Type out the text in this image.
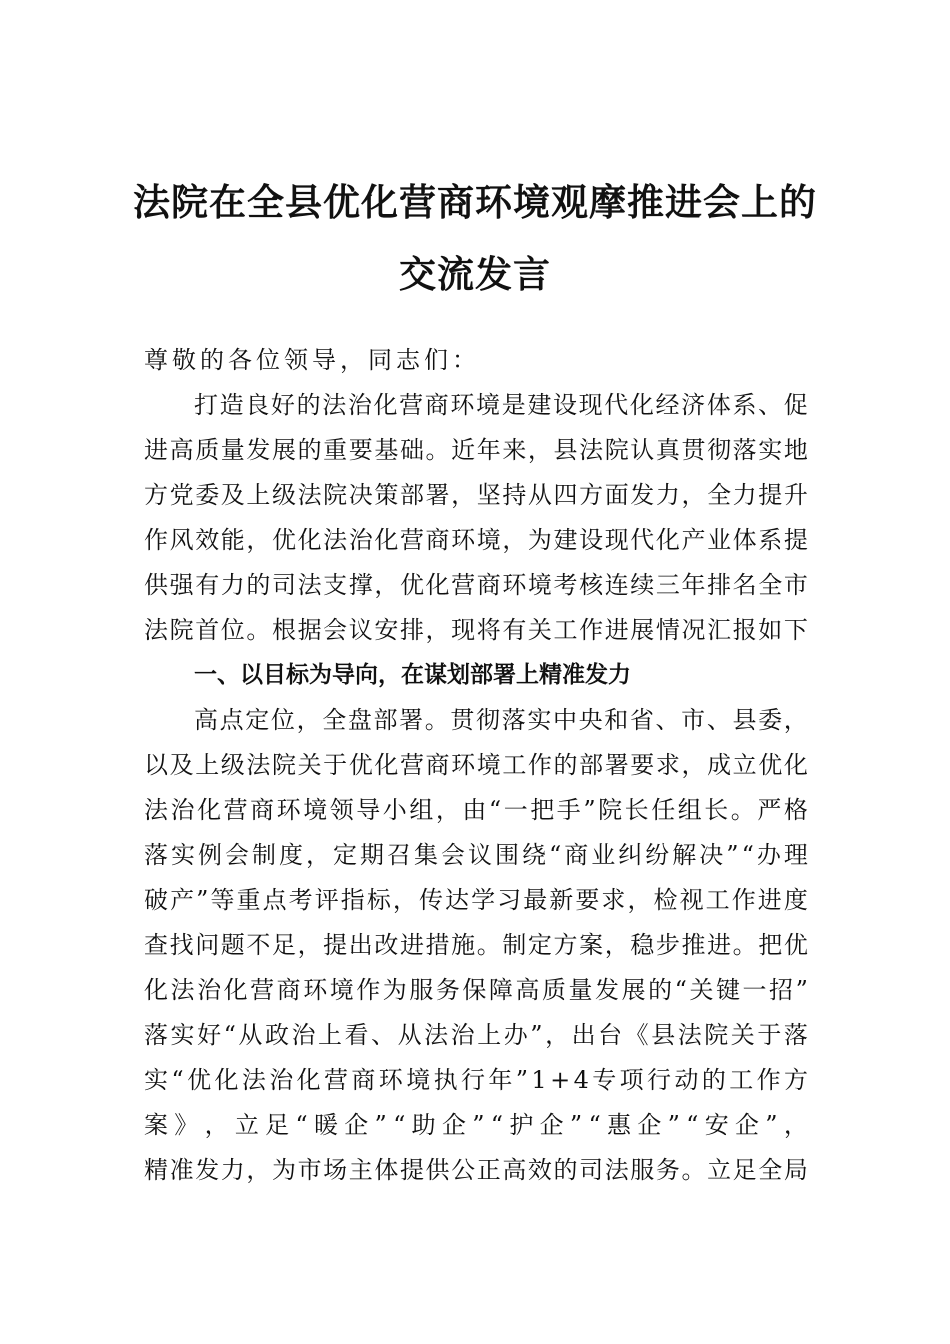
法院在全县优化营商环境观摩推进会上的
交流发言
尊敬的各位领导，同志们：
打 造 良 好 的 法 治 化 营 商 环 境 是 建 设 现 代 化 经 济 体 系 、 促
进 高 质 量 发 展 的 重 要 基 础 。 近 年 来 ， 县 法 院 认 真 贯 彻 落 实 地
方 党 委 及 上 级 法 院 决 策 部 署 ， 坚 持 从 四 方 面 发 力 ， 全 力 提 升
作 风 效 能 ， 优 化 法 治 化 营 商 环 境 ， 为 建 设 现 代 化 产 业 体 系 提
供 强 有 力 的 司 法 支 撑 ， 优 化 营 商 环 境 考 核 连 续 三 年 排 名 全 市
法 院 首 位 。 根 据 会 议 安 排 ， 现 将 有 关 工 作 进 展 情 况 汇 报 如 下
一、以目标为导向，在谋划部署上精准发力
高 点 定 位 ， 全 盘 部 署 。 贯 彻 落 实 中 央 和 省 、 市 、 县 委 ，
以 及 上 级 法 院 关 于 优 化 营 商 环 境 工 作 的 部 署 要 求 ， 成 立 优 化
法 治 化 营 商 环 境 领 导 小 组 ， 由 “ 一 把 手 ” 院 长 任 组 长 。 严 格
落 实 例 会 制 度 ， 定 期 召 集 会 议 围 绕 “ 商 业 纠 纷 解 决 ” “ 办 理
破 产 ” 等 重 点 考 评 指 标 ， 传 达 学 习 最 新 要 求 ， 检 视 工 作 进 度
查 找 问 题 不 足 ， 提 出 改 进 措 施 。 制 定 方 案 ， 稳 步 推 进 。 把 优
化 法 治 化 营 商 环 境 作 为 服 务 保 障 高 质 量 发 展 的 “ 关 键 一 招 ”
落 实 好 “ 从 政 治 上 看 、 从 法 治 上 办 ” ， 出 台 《 县 法 院 关 于 落
实 “ 优 化 法 治 化 营 商 环 境 执 行 年 ” 1 + 4 专 项 行 动 的 工 作 方
案 》 ， 立 足 “ 暖 企 ” “ 助 企 ” “ 护 企 ” “ 惠 企 ” “ 安 企 ” ，
精 准 发 力 ， 为 市 场 主 体 提 供 公 正 高 效 的 司 法 服 务 。 立 足 全 局
